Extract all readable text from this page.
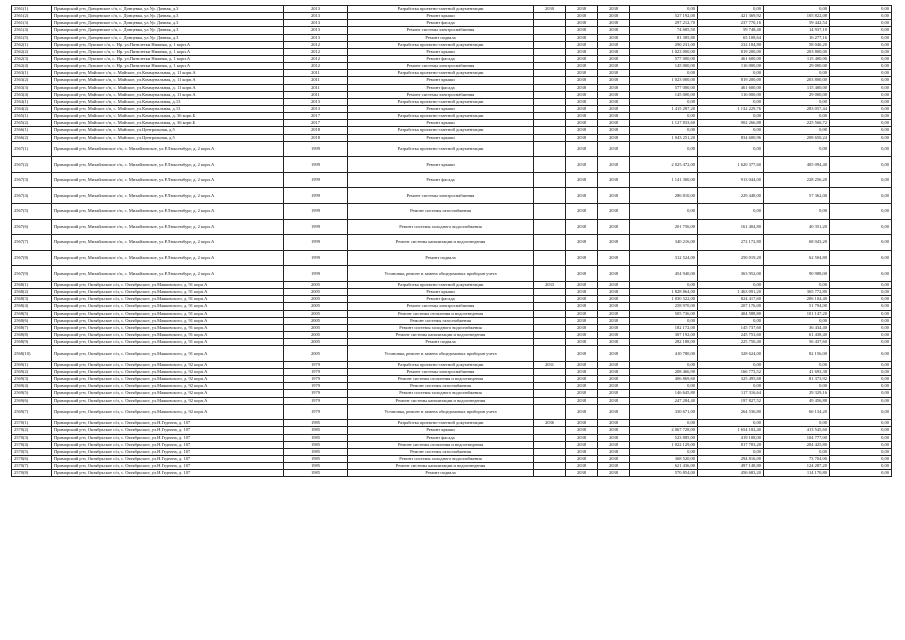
2561(1)	Приморский р-н, Донцевское с/п, с. Донцевка, ул.Ур. Дачная, д.3	2013	Разработка проектно-сметной документации	2030	2038	2038	0,00	0,00	0,00	0,00
2561(2)	Приморский р-н, Донцевское с/п, с. Донцевка, ул.Ур. Дачная, д.3	2013	Ремонт крыши		2038	2038	527 192,00	421 369,92	105 822,08	0,00
2561(3)	Приморский р-н, Донцевское с/п, с. Донцевка, ул.Ур. Дачная, д.3	2013	Ремонт фасада		2038	2038	297 212,70	237 770,16	59 442,54	0,00
2561(4)	Приморский р-н, Донцевское с/п, с. Донцевка, ул.Ур. Дачная, д.3	2013	Ремонт системы электроснабжения		2038	2038	74 685,50	59 748,40	14 937,10	0,00
2561(5)	Приморский р-н, Донцевское с/п, с. Донцевка, ул.Ур. Дачная, д.3	2013	Ремонт подвала		2038	2038	81 385,80	65 108,64	16 277,16	0,00
2562(1)	Приморский р-н, Лукское с/п, с. Нр. ул.Пятилетки Нижняя, д. 1 корп.А	2012	Разработка проектно-сметной документации		2038	2038	290 231,00	232 184,80	58 046,20	0,00
2562(2)	Приморский р-н, Лукское с/п, с. Нр. ул.Пятилетки Нижняя, д. 1 корп.А	2012	Ремонт крыши		2038	2038	1 023 000,00	819 200,00	203 800,00	0,00
2562(3)	Приморский р-н, Лукское с/п, с. Нр. ул.Пятилетки Нижняя, д. 1 корп.А	2012	Ремонт фасада		2038	2038	577 000,00	461 600,00	115 400,00	0,00
2562(4)	Приморский р-н, Лукское с/п, с. Нр. ул.Пятилетки Нижняя, д. 1 корп.А	2012	Ремонт системы электроснабжения		2038	2038	145 000,00	116 000,00	29 000,00	0,00
2563(1)	Приморский р-н, Майское с/п, с. Майское, ул.Коммунальная, д. 11 корп.А	2011	Разработка проектно-сметной документации		2038	2038	0,00	0,00	0,00	0,00
2563(2)	Приморский р-н, Майское с/п, с. Майское, ул.Коммунальная, д. 11 корп.А	2011	Ремонт крыши		2038	2038	1 023 000,00	819 200,00	203 800,00	0,00
2563(3)	Приморский р-н, Майское с/п, с. Майское, ул.Коммунальная, д. 11 корп.А	2011	Ремонт фасада		2038	2038	577 000,00	461 600,00	115 400,00	0,00
2563(4)	Приморский р-н, Майское с/п, с. Майское, ул.Коммунальная, д. 11 корп.А	2011	Ремонт системы электроснабжения		2038	2038	145 000,00	116 000,00	29 000,00	0,00
2564(1)	Приморский р-н, Майское с/п, с. Майское, ул.Коммунальная, д.13	2013	Разработка проектно-сметной документации		2038	2038	0,00	0,00	0,00	0,00
2564(2)	Приморский р-н, Майское с/п, с. Майское, ул.Коммунальная, д.13	2013	Ремонт крыши		2038	2038	1 415 287,20	1 132 229,76	283 057,44	0,00
2565(1)	Приморский р-н, Майское с/п, с. Майское, ул.Коммунальная, д. 36 корп.Б	2017	Разработка проектно-сметной документации		2038	2038	0,00	0,00	0,00	0,00
2565(2)	Приморский р-н, Майское с/п, с. Майское, ул.Коммунальная, д. 36 корп.Б	2017	Ремонт крыши		2038	2038	1 127 833,60	902 266,88	225 566,72	0,00
2566(1)	Приморский р-н, Майское с/п, с. Майское, ул.Центральная, д.5	2018	Разработка проектно-сметной документации		2038	2038	0,00	0,00	0,00	0,00
2566(2)	Приморский р-н, Майское с/п, с. Майское, ул.Центральная, д.5	2018	Ремонт крыши		2038	2038	1 043 251,20	834 600,96	208 650,24	0,00
2567(1)	Приморский р-н, Михайловское с/п, с. Михайловское, ул.Р.Люксембург, д. 2 корп.А	1999	Разработка проектно-сметной документации		2038	2038	0,00	0,00	0,00	0,00
2567(2)	Приморский р-н, Михайловское с/п, с. Михайловское, ул.Р.Люксембург, д. 2 корп.А	1999	Ремонт крыши		2038	2038	2 025 472,00	1 620 377,60	405 094,40	0,00
2567(3)	Приморский р-н, Михайловское с/п, с. Михайловское, ул.Р.Люксембург, д. 2 корп.А	1999	Ремонт фасада		2038	2038	1 141 300,00	913 044,00	228 256,20	0,00
2567(4)	Приморский р-н, Михайловское с/п, с. Михайловское, ул.Р.Люксембург, д. 2 корп.А	1999	Ремонт системы электроснабжения		2038	2038	286 810,00	229 448,00	57 362,00	0,00
2567(5)	Приморский р-н, Михайловское с/п, с. Михайловское, ул.Р.Люксембург, д. 2 корп.А	1999	Ремонт системы газоснабжения		2038	2038	0,00	0,00	0,00	0,00
2567(6)	Приморский р-н, Михайловское с/п, с. Михайловское, ул.Р.Люксембург, д. 2 корп.А	1999	Ремонт системы холодного водоснабжения		2038	2038	201 756,00	161 404,80	40 351,20	0,00
2567(7)	Приморский р-н, Михайловское с/п, с. Михайловское, ул.Р.Люксембург, д. 2 корп.А	1999	Ремонт системы канализации и водоотведения		2038	2038	340 216,00	272 172,80	68 043,20	0,00
2567(8)	Приморский р-н, Михайловское с/п, с. Михайловское, ул.Р.Люксембург, д. 2 корп.А	1999	Ремонт подвала		2038	2038	312 524,00	250 019,20	62 504,80	0,00
2567(9)	Приморский р-н, Михайловское с/п, с. Михайловское, ул.Р.Люксембург, д. 2 корп.А	1999	Установка, ремонт и замена общедомовых приборов учета		2038	2038	454 940,00	363 952,00	90 988,00	0,00
2568(1)	Приморский р-н, Октябрьское с/п, с. Октябрьское, ул.Маяковского, д. 91 корп.А	2005	Разработка проектно-сметной документации	2033	2038	2038	0,00	0,00	0,00	0,00
2568(2)	Приморский р-н, Октябрьское с/п, с. Октябрьское, ул.Маяковского, д. 91 корп.А	2005	Ремонт крыши		2038	2038	1 828 864,00	1 463 091,20	365 772,80	0,00
2568(3)	Приморский р-н, Октябрьское с/п, с. Октябрьское, ул.Маяковского, д. 91 корп.А	2005	Ремонт фасада		2038	2038	1 030 522,00	824 417,60	206 104,40	0,00
2568(4)	Приморский р-н, Октябрьское с/п, с. Октябрьское, ул.Маяковского, д. 91 корп.А	2005	Ремонт системы электроснабжения		2038	2038	258 970,00	207 176,00	51 794,00	0,00
2568(5)	Приморский р-н, Октябрьское с/п, с. Октябрьское, ул.Маяковского, д. 91 корп.А	2005	Ремонт системы отопления и водоотведения		2038	2038	505 736,00	404 588,80	101 147,20	0,00
2568(6)	Приморский р-н, Октябрьское с/п, с. Октябрьское, ул.Маяковского, д. 91 корп.А	2005	Ремонт системы газоснабжения		2038	2038	0,00	0,00	0,00	0,00
2568(7)	Приморский р-н, Октябрьское с/п, с. Октябрьское, ул.Маяковского, д. 91 корп.А	2005	Ремонт системы холодного водоснабжения		2038	2038	182 172,00	145 737,60	36 434,40	0,00
2568(8)	Приморский р-н, Октябрьское с/п, с. Октябрьское, ул.Маяковского, д. 91 корп.А	2005	Ремонт системы канализации и водоотведения		2038	2038	307 192,00	245 753,60	61 438,40	0,00
2568(9)	Приморский р-н, Октябрьское с/п, с. Октябрьское, ул.Маяковского, д. 91 корп.А	2005	Ремонт подвала		2038	2038	282 188,00	225 750,40	56 437,60	0,00
2568(10)	Приморский р-н, Октябрьское с/п, с. Октябрьское, ул.Маяковского, д. 91 корп.А	2005	Установка, ремонт и замена общедомовых приборов учета		2038	2038	410 780,00	328 624,00	82 156,00	0,00
2569(1)	Приморский р-н, Октябрьское с/п, с. Октябрьское, ул.Маяковского, д. 92 корп.А	1979	Разработка проектно-сметной документации	2031	2038	2038	0,00	0,00	0,00	0,00
2569(2)	Приморский р-н, Октябрьское с/п, с. Октябрьское, ул.Маяковского, д. 92 корп.А	1979	Ремонт системы электроснабжения		2038	2038	208 466,90	166 773,52	41 693,38	0,00
2569(3)	Приморский р-н, Октябрьское с/п, с. Октябрьское, ул.Маяковского, д. 92 корп.А	1979	Ремонт системы отопления и водоотведения		2038	2038	406 869,60	325 495,68	81 373,92	0,00
2569(4)	Приморский р-н, Октябрьское с/п, с. Октябрьское, ул.Маяковского, д. 92 корп.А	1979	Ремонт системы газоснабжения		2038	2038	0,00	0,00	0,00	0,00
2569(5)	Приморский р-н, Октябрьское с/п, с. Октябрьское, ул.Маяковского, д. 92 корп.А	1979	Ремонт системы холодного водоснабжения		2038	2038	146 645,80	117 316,64	29 329,16	0,00
2569(6)	Приморский р-н, Октябрьское с/п, с. Октябрьское, ул.Маяковского, д. 92 корп.А	1979	Ремонт системы канализации и водоотведения		2038	2038	247 284,40	197 827,52	49 456,88	0,00
2569(7)	Приморский р-н, Октябрьское с/п, с. Октябрьское, ул.Маяковского, д. 92 корп.А	1979	Установка, ремонт и замена общедомовых приборов учета		2038	2038	330 671,00	264 536,80	66 134,20	0,00
2570(1)	Приморский р-н, Октябрьское с/п, с. Октябрьское, ул.Н.Гедеона, д. 107	1985	Разработка проектно-сметной документации	2036	2038	2038	0,00	0,00	0,00	0,00
2570(2)	Приморский р-н, Октябрьское с/п, с. Октябрьское, ул.Н.Гедеона, д. 107	1985	Ремонт крыши		2038	2038	2 067 728,00	1 654 182,40	413 545,60	0,00
2570(3)	Приморский р-н, Октябрьское с/п, с. Октябрьское, ул.Н.Гедеона, д. 107	1985	Ремонт фасада		2038	2038	523 885,00	419 108,00	104 777,00	0,00
2570(4)	Приморский р-н, Октябрьское с/п, с. Октябрьское, ул.Н.Гедеона, д. 107	1985	Ремонт системы отопления и водоотведения		2038	2038	1 022 129,00	817 703,20	204 425,80	0,00
2570(5)	Приморский р-н, Октябрьское с/п, с. Октябрьское, ул.Н.Гедеона, д. 107	1985	Ремонт системы газоснабжения		2038	2038	0,00	0,00	0,00	0,00
2570(6)	Приморский р-н, Октябрьское с/п, с. Октябрьское, ул.Н.Гедеона, д. 107	1985	Ремонт системы холодного водоснабжения		2038	2038	368 520,00	294 816,00	73 704,00	0,00
2570(7)	Приморский р-н, Октябрьское с/п, с. Октябрьское, ул.Н.Гедеона, д. 107	1985	Ремонт системы канализации и водоотведения		2038	2038	621 436,00	497 148,80	124 287,20	0,00
2570(8)	Приморский р-н, Октябрьское с/п, с. Октябрьское, ул.Н.Гедеона, д. 107	1985	Ремонт подвала		2038	2038	570 854,00	456 683,20	114 170,80	0,00
